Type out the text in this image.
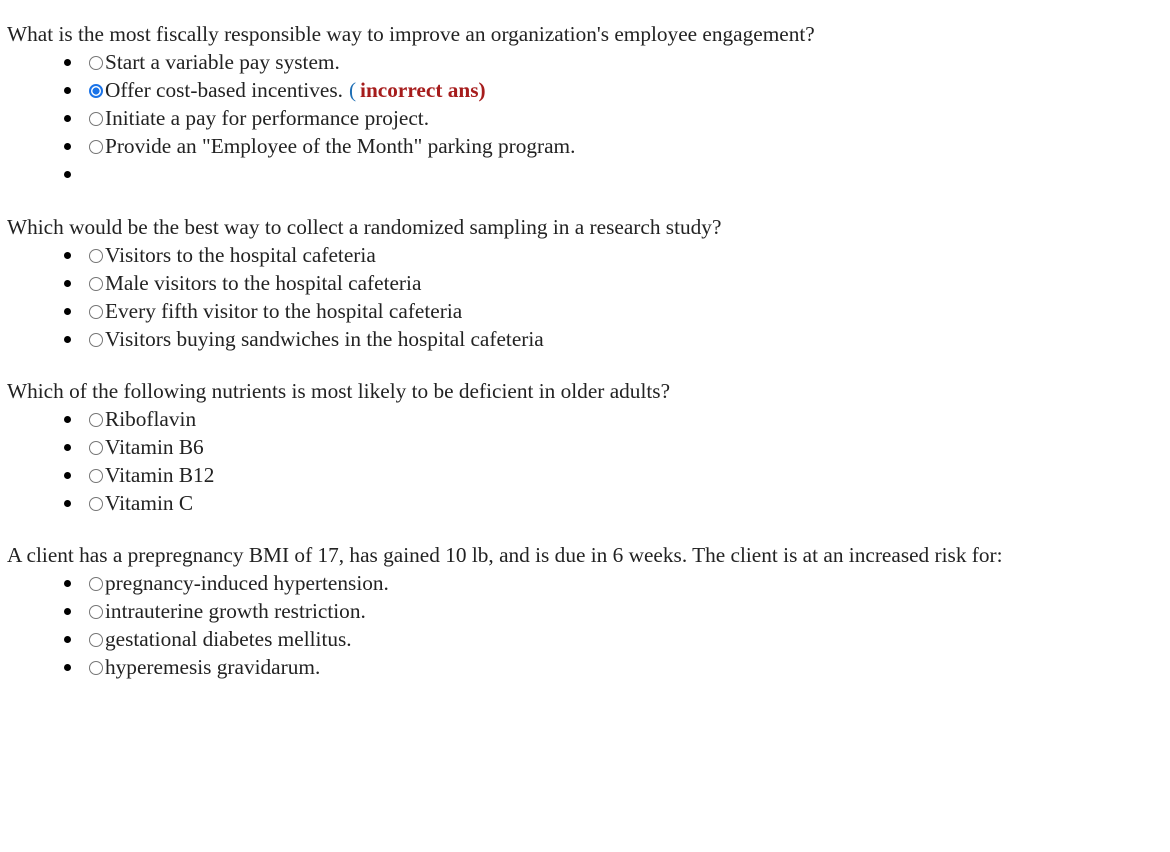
What is the most fiscally responsible way to improve an organization's employee engagement?

Start a variable pay system.
Offer cost-based incentives. ( incorrect ans)
Initiate a pay for performance project.
Provide an "Employee of the Month" parking program.

Which would be the best way to collect a randomized sampling in a research study?

Visitors to the hospital cafeteria
Male visitors to the hospital cafeteria
Every fifth visitor to the hospital cafeteria
Visitors buying sandwiches in the hospital cafeteria

Which of the following nutrients is most likely to be deficient in older adults?

Riboflavin
Vitamin B6
Vitamin B12
Vitamin C

A client has a prepregnancy BMI of 17, has gained 10 lb, and is due in 6 weeks. The client is at an increased risk for:

pregnancy-induced hypertension.
intrauterine growth restriction.
gestational diabetes mellitus.
hyperemesis gravidarum.
